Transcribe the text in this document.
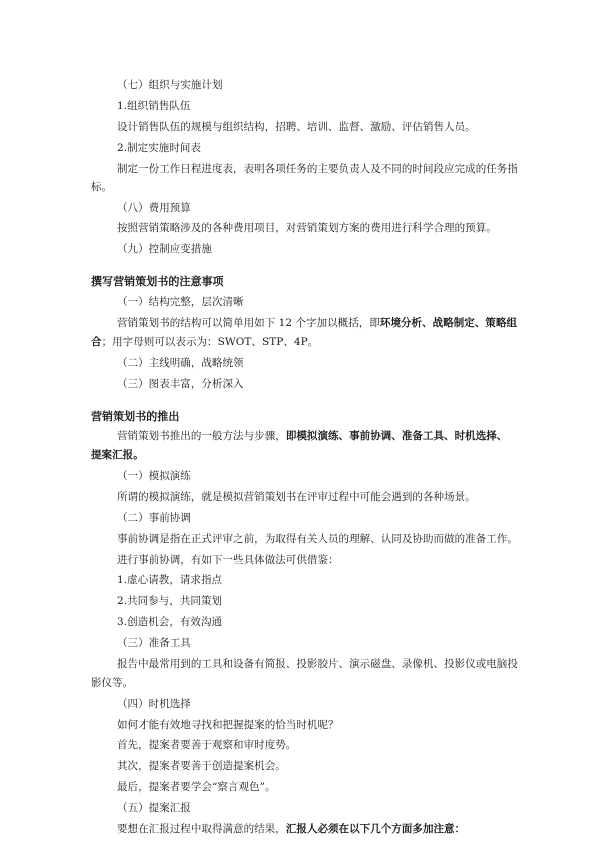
（七）组织与实施计划
1.组织销售队伍
设计销售队伍的规模与组织结构，招聘、培训、监督、激励、评估销售人员。
2.制定实施时间表
制定一份工作日程进度表，表明各项任务的主要负责人及不同的时间段应完成的任务指
标。
（八）费用预算
按照营销策略涉及的各种费用项目，对营销策划方案的费用进行科学合理的预算。
（九）控制应变措施
撰写营销策划书的注意事项
（一）结构完整，层次清晰
营销策划书的结构可以简单用如下 12 个字加以概括，即环境分析、战略制定、策略组
合；用字母则可以表示为：SWOT、STP、4P。
（二）主线明确，战略统领
（三）图表丰富，分析深入
营销策划书的推出
营销策划书推出的一般方法与步骤，即模拟演练、事前协调、准备工具、时机选择、
提案汇报。
（一）模拟演练
所谓的模拟演练，就是模拟营销策划书在评审过程中可能会遇到的各种场景。
（二）事前协调
事前协调是指在正式评审之前，为取得有关人员的理解、认同及协助而做的准备工作。
进行事前协调，有如下一些具体做法可供借鉴：
1.虚心请教，请求指点
2.共同参与，共同策划
3.创造机会，有效沟通
（三）准备工具
报告中最常用到的工具和设备有简报、投影胶片、演示磁盘、录像机、投影仪或电脑投
影仪等。
（四）时机选择
如何才能有效地寻找和把握提案的恰当时机呢？
首先，提案者要善于观察和审时度势。
其次，提案者要善于创造提案机会。
最后，提案者要学会“察言观色”。
（五）提案汇报
要想在汇报过程中取得满意的结果，汇报人必须在以下几个方面多加注意：
